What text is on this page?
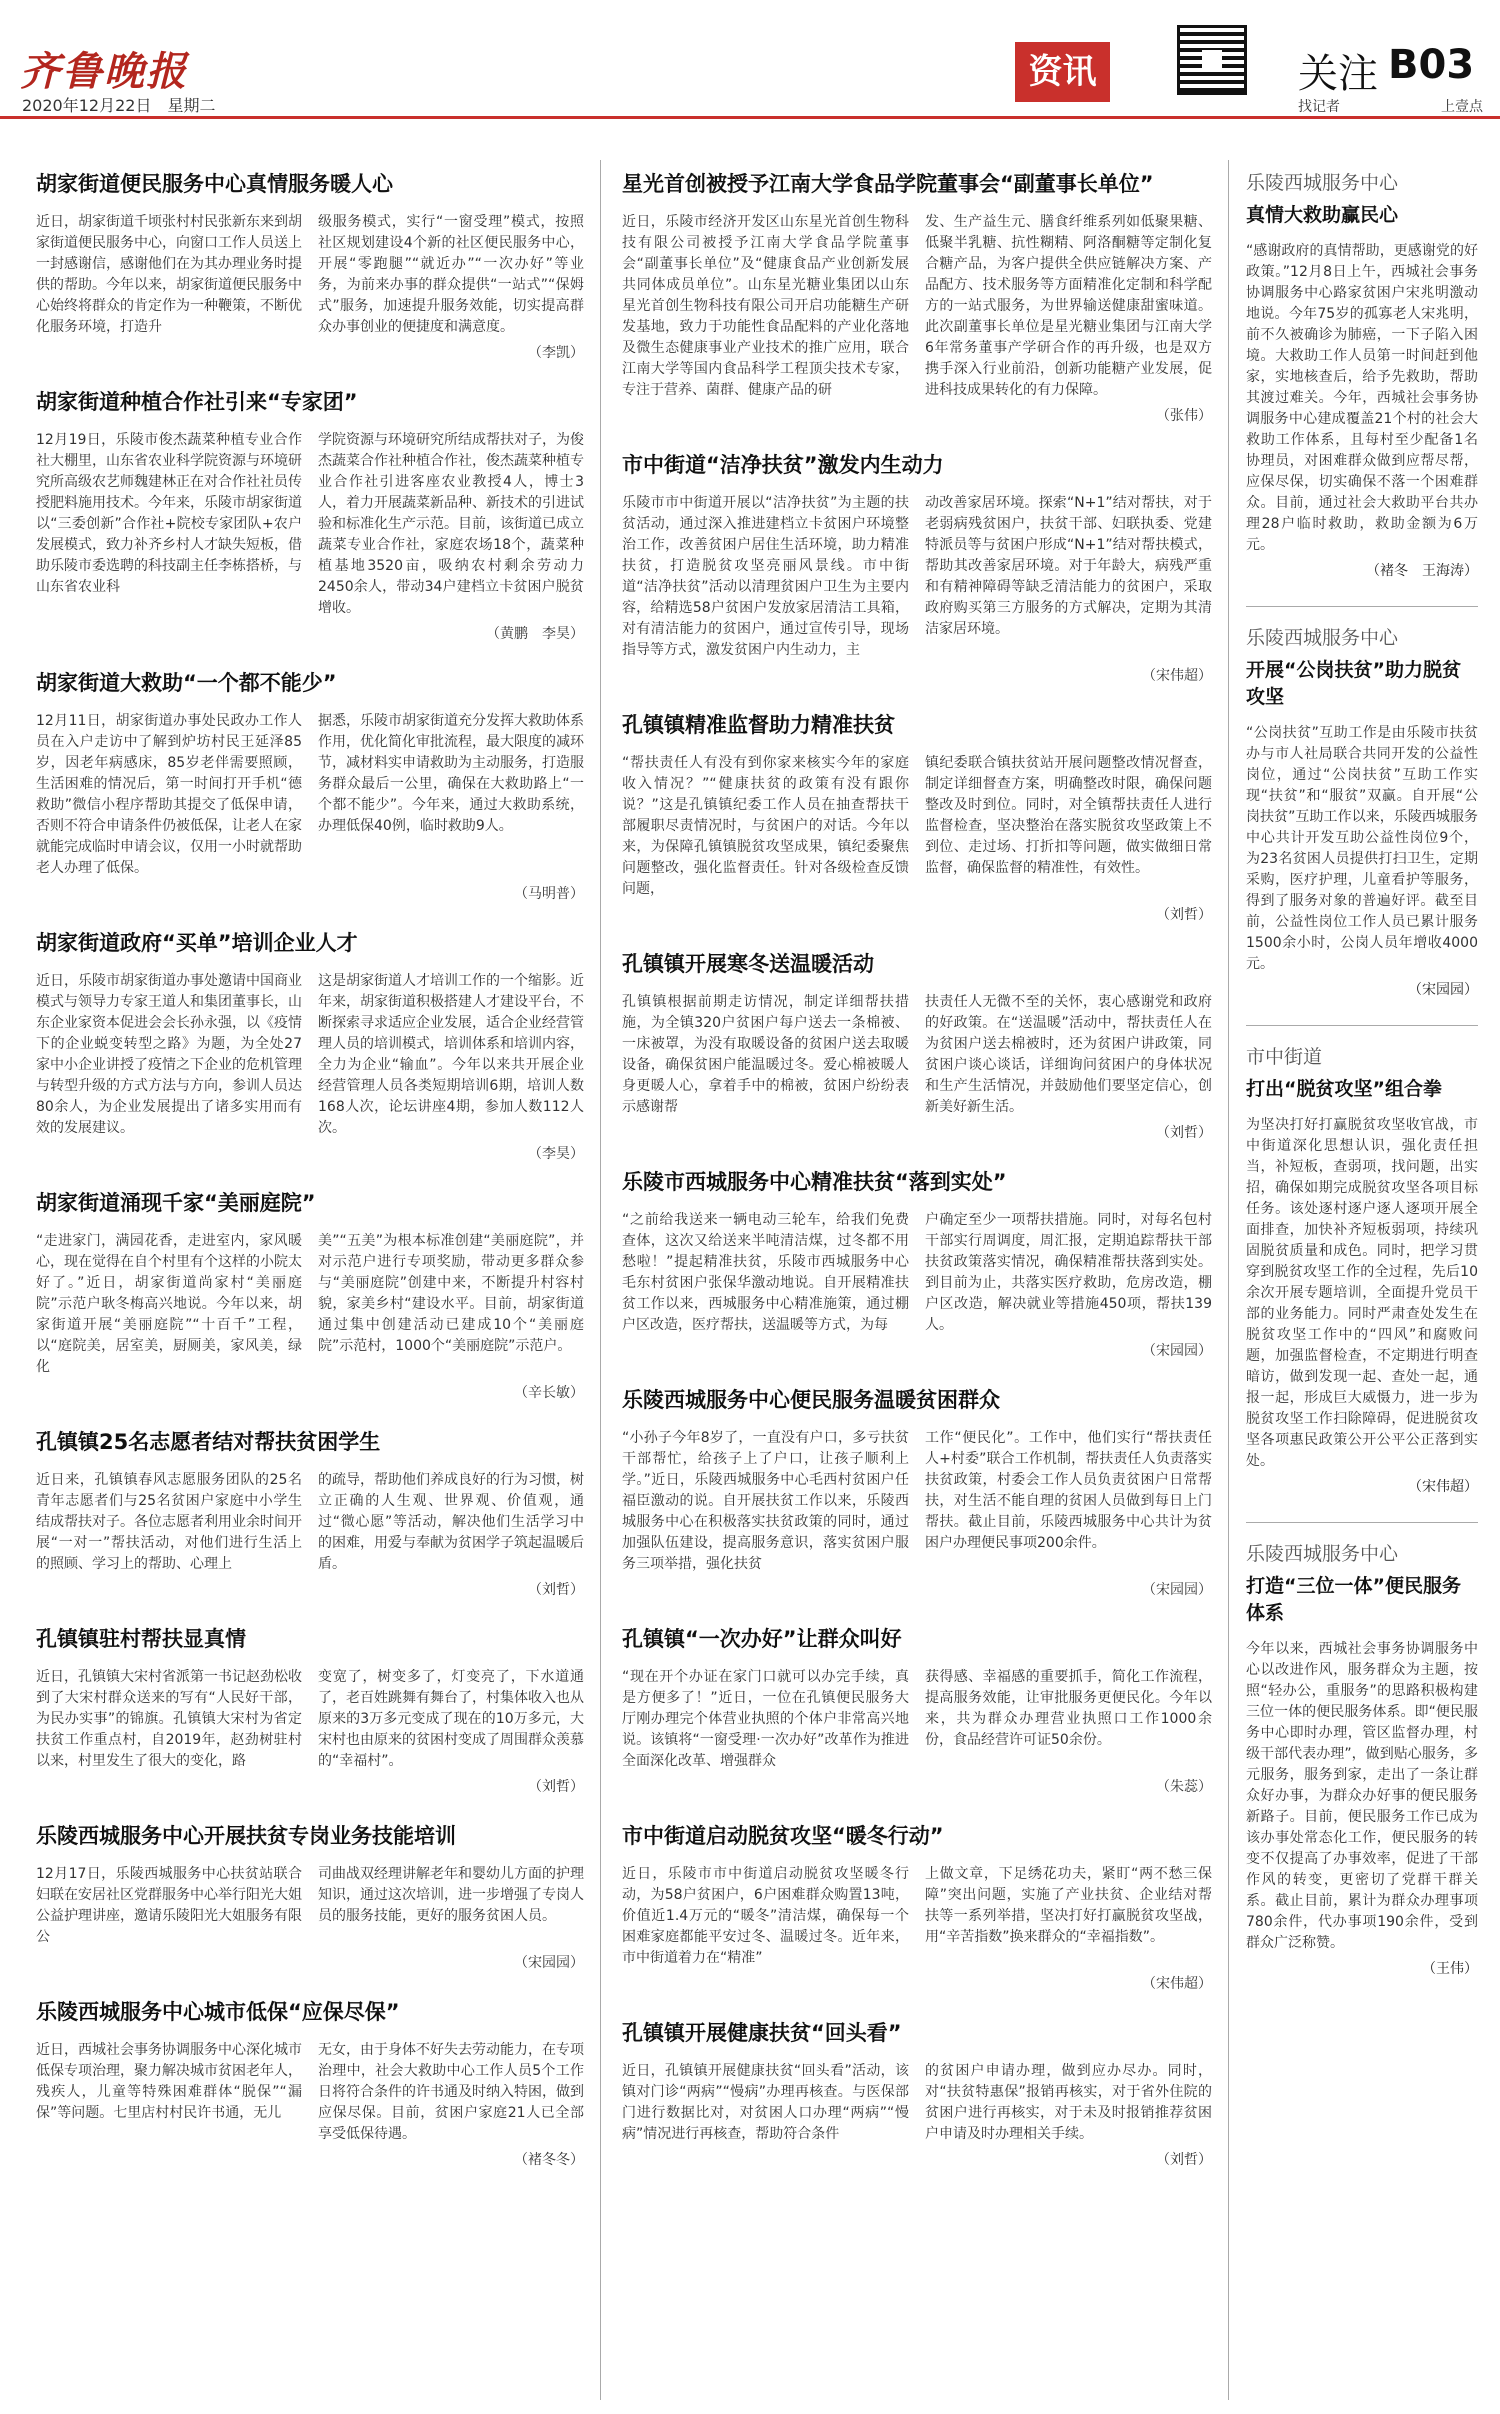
齐鲁晚报
2020年12月22日　星期二
资讯	关注 B03
找记者	上壹点
胡家街道便民服务中心真情服务暖人心

近日，胡家街道千顷张村村民张新东来到胡家街道便民服务中心，向窗口工作人员送上一封感谢信，感谢他们在为其办理业务时提供的帮助。今年以来，胡家街道便民服务中心始终将群众的肯定作为一种鞭策，不断优化服务环境，打造升

级服务模式，实行“一窗受理”模式，按照社区规划建设4个新的社区便民服务中心，开展“零跑腿”“就近办”“一次办好”等业务，为前来办事的群众提供“一站式”“保姆式”服务，加速提升服务效能，切实提高群众办事创业的便捷度和满意度。

（李凯）
胡家街道种植合作社引来“专家团”

12月19日，乐陵市俊杰蔬菜种植专业合作社大棚里，山东省农业科学院资源与环境研究所高级农艺师魏建林正在对合作社社员传授肥料施用技术。今年来，乐陵市胡家街道以“三委创新”合作社+院校专家团队+农户发展模式，致力补齐乡村人才缺失短板，借助乐陵市委选聘的科技副主任李栋搭桥，与山东省农业科

学院资源与环境研究所结成帮扶对子，为俊杰蔬菜合作社种植合作社，俊杰蔬菜种植专业合作社引进客座农业教授4人，博士3人，着力开展蔬菜新品种、新技术的引进试验和标准化生产示范。目前，该街道已成立蔬菜专业合作社，家庭农场18个，蔬菜种植基地3520亩，吸纳农村剩余劳动力2450余人，带动34户建档立卡贫困户脱贫增收。

（黄鹏　李昊）
胡家街道大救助“一个都不能少”

12月11日，胡家街道办事处民政办工作人员在入户走访中了解到炉坊村民王延泽85岁，因老年病感床，85岁老伴需要照顾，生活困难的情况后，第一时间打开手机“德救助”微信小程序帮助其提交了低保申请，否则不符合申请条件仍被低保，让老人在家就能完成临时申请会议，仅用一小时就帮助老人办理了低保。

据悉，乐陵市胡家街道充分发挥大救助体系作用，优化简化审批流程，最大限度的减环节，减材料实申请救助为主动服务，打造服务群众最后一公里，确保在大救助路上“一个都不能少”。今年来，通过大救助系统，办理低保40例，临时救助9人。

（马明普）
胡家街道政府“买单”培训企业人才

近日，乐陵市胡家街道办事处邀请中国商业模式与领导力专家王道人和集团董事长，山东企业家资本促进会会长孙永强，以《疫情下的企业蜕变转型之路》为题，为全处27家中小企业讲授了疫情之下企业的危机管理与转型升级的方式方法与方向，参训人员达80余人，为企业发展提出了诸多实用而有效的发展建议。

这是胡家街道人才培训工作的一个缩影。近年来，胡家街道积极搭建人才建设平台，不断探索寻求适应企业发展，适合企业经营管理人员的培训模式，培训体系和培训内容，全力为企业“输血”。今年以来共开展企业经营管理人员各类短期培训6期，培训人数168人次，论坛讲座4期，参加人数112人次。

（李昊）
胡家街道涌现千家“美丽庭院”

“走进家门，满园花香，走进室内，家风暖心，现在觉得在自个村里有个这样的小院太好了。”近日，胡家街道尚家村“美丽庭院”示范户耿冬梅高兴地说。今年以来，胡家街道开展“美丽庭院”“十百千”工程，以“庭院美，居室美，厨厕美，家风美，绿化

美”“五美”为根本标准创建“美丽庭院”，并对示范户进行专项奖励，带动更多群众参与“美丽庭院”创建中来，不断提升村容村貌，家美乡村“建设水平。目前，胡家街道通过集中创建活动已建成10个“美丽庭院”示范村，1000个“美丽庭院”示范户。

（辛长敏）
孔镇镇25名志愿者结对帮扶贫困学生

近日来，孔镇镇春风志愿服务团队的25名青年志愿者们与25名贫困户家庭中小学生结成帮扶对子。各位志愿者利用业余时间开展“一对一”帮扶活动，对他们进行生活上的照顾、学习上的帮助、心理上

的疏导，帮助他们养成良好的行为习惯，树立正确的人生观、世界观、价值观，通过“微心愿”等活动，解决他们生活学习中的困难，用爱与奉献为贫困学子筑起温暖后盾。

（刘哲）
孔镇镇驻村帮扶显真情

近日，孔镇镇大宋村省派第一书记赵劲松收到了大宋村群众送来的写有“人民好干部，为民办实事”的锦旗。孔镇镇大宋村为省定扶贫工作重点村，自2019年，赵劲树驻村以来，村里发生了很大的变化，路

变宽了，树变多了，灯变亮了，下水道通了，老百姓跳舞有舞台了，村集体收入也从原来的3万多元变成了现在的10万多元，大宋村也由原来的贫困村变成了周围群众羡慕的“幸福村”。

（刘哲）
乐陵西城服务中心开展扶贫专岗业务技能培训

12月17日，乐陵西城服务中心扶贫站联合妇联在安居社区党群服务中心举行阳光大姐公益护理讲座，邀请乐陵阳光大姐服务有限公

司曲战双经理讲解老年和婴幼儿方面的护理知识，通过这次培训，进一步增强了专岗人员的服务技能，更好的服务贫困人员。

（宋园园）
乐陵西城服务中心城市低保“应保尽保”

近日，西城社会事务协调服务中心深化城市低保专项治理，聚力解决城市贫困老年人，残疾人，儿童等特殊困难群体“脱保”“漏保”等问题。七里店村村民许书通，无儿

无女，由于身体不好失去劳动能力，在专项治理中，社会大救助中心工作人员5个工作日将符合条件的许书通及时纳入特困，做到应保尽保。目前，贫困户家庭21人已全部享受低保待遇。

（褚冬冬）
星光首创被授予江南大学食品学院董事会“副董事长单位”

近日，乐陵市经济开发区山东星光首创生物科技有限公司被授予江南大学食品学院董事会“副董事长单位”及“健康食品产业创新发展共同体成员单位”。山东星光糖业集团以山东星光首创生物科技有限公司开启功能糖生产研发基地，致力于功能性食品配料的产业化落地及微生态健康事业产业技术的推广应用，联合江南大学等国内食品科学工程顶尖技术专家，专注于营养、菌群、健康产品的研

发、生产益生元、膳食纤维系列如低聚果糖、低聚半乳糖、抗性糊精、阿洛酮糖等定制化复合糖产品，为客户提供全供应链解决方案、产品配方、技术服务等方面精准化定制和科学配方的一站式服务，为世界输送健康甜蜜味道。此次副董事长单位是星光糖业集团与江南大学6年常务董事产学研合作的再升级，也是双方携手深入行业前沿，创新功能糖产业发展，促进科技成果转化的有力保障。

（张伟）
市中街道“洁净扶贫”激发内生动力

乐陵市市中街道开展以“洁净扶贫”为主题的扶贫活动，通过深入推进建档立卡贫困户环境整治工作，改善贫困户居住生活环境，助力精准扶贫，打造脱贫攻坚亮丽风景线。市中街道“洁净扶贫”活动以清理贫困户卫生为主要内容，给精选58户贫困户发放家居清洁工具箱，对有清洁能力的贫困户，通过宣传引导，现场指导等方式，激发贫困户内生动力，主

动改善家居环境。探索“N+1”结对帮扶，对于老弱病残贫困户，扶贫干部、妇联执委、党建特派员等与贫困户形成“N+1”结对帮扶模式，帮助其改善家居环境。对于年龄大，病残严重和有精神障碍等缺乏清洁能力的贫困户，采取政府购买第三方服务的方式解决，定期为其清洁家居环境。

（宋伟超）
孔镇镇精准监督助力精准扶贫

“帮扶责任人有没有到你家来核实今年的家庭收入情况？”“健康扶贫的政策有没有跟你说？”这是孔镇镇纪委工作人员在抽查帮扶干部履职尽责情况时，与贫困户的对话。今年以来，为保障孔镇镇脱贫攻坚成果，镇纪委聚焦问题整改，强化监督责任。针对各级检查反馈问题，

镇纪委联合镇扶贫站开展问题整改情况督查，制定详细督查方案，明确整改时限，确保问题整改及时到位。同时，对全镇帮扶责任人进行监督检查，坚决整治在落实脱贫攻坚政策上不到位、走过场、打折扣等问题，做实做细日常监督，确保监督的精准性，有效性。

（刘哲）
孔镇镇开展寒冬送温暖活动

孔镇镇根据前期走访情况，制定详细帮扶措施，为全镇320户贫困户每户送去一条棉被、一床被罩，为没有取暖设备的贫困户送去取暖设备，确保贫困户能温暖过冬。爱心棉被暖人身更暖人心，拿着手中的棉被，贫困户纷纷表示感谢帮

扶责任人无微不至的关怀，衷心感谢党和政府的好政策。在“送温暖”活动中，帮扶责任人在为贫困户送去棉被时，还为贫困户讲政策，同贫困户谈心谈话，详细询问贫困户的身体状况和生产生活情况，并鼓励他们要坚定信心，创新美好新生活。

（刘哲）
乐陵市西城服务中心精准扶贫“落到实处”

“之前给我送来一辆电动三轮车，给我们免费查体，这次又给送来半吨清洁煤，过冬都不用愁啦！”提起精准扶贫，乐陵市西城服务中心毛东村贫困户张保华激动地说。自开展精准扶贫工作以来，西城服务中心精准施策，通过棚户区改造，医疗帮扶，送温暖等方式，为每

户确定至少一项帮扶措施。同时，对每名包村干部实行周调度，周汇报，定期追踪帮扶干部扶贫政策落实情况，确保精准帮扶落到实处。到目前为止，共落实医疗救助，危房改造，棚户区改造，解决就业等措施450项，帮扶139人。

（宋园园）
乐陵西城服务中心便民服务温暖贫困群众

“小孙子今年8岁了，一直没有户口，多亏扶贫干部帮忙，给孩子上了户口，让孩子顺利上学。”近日，乐陵西城服务中心毛西村贫困户任福臣激动的说。自开展扶贫工作以来，乐陵西城服务中心在积极落实扶贫政策的同时，通过加强队伍建设，提高服务意识，落实贫困户服务三项举措，强化扶贫

工作“便民化”。工作中，他们实行“帮扶责任人+村委”联合工作机制，帮扶责任人负责落实扶贫政策，村委会工作人员负责贫困户日常帮扶，对生活不能自理的贫困人员做到每日上门帮扶。截止目前，乐陵西城服务中心共计为贫困户办理便民事项200余件。

（宋园园）
孔镇镇“一次办好”让群众叫好

“现在开个办证在家门口就可以办完手续，真是方便多了！”近日，一位在孔镇便民服务大厅刚办理完个体营业执照的个体户非常高兴地说。该镇将“一窗受理·一次办好”改革作为推进全面深化改革、增强群众

获得感、幸福感的重要抓手，简化工作流程，提高服务效能，让审批服务更便民化。今年以来，共为群众办理营业执照口工作1000余份，食品经营许可证50余份。

（朱蕊）
市中街道启动脱贫攻坚“暖冬行动”

近日，乐陵市市中街道启动脱贫攻坚暖冬行动，为58户贫困户，6户困难群众购置13吨，价值近1.4万元的“暖冬”清洁煤，确保每一个困难家庭都能平安过冬、温暖过冬。近年来，市中街道着力在“精准”

上做文章，下足绣花功夫，紧盯“两不愁三保障”突出问题，实施了产业扶贫、企业结对帮扶等一系列举措，坚决打好打赢脱贫攻坚战，用“辛苦指数”换来群众的“幸福指数”。

（宋伟超）
孔镇镇开展健康扶贫“回头看”

近日，孔镇镇开展健康扶贫“回头看”活动，该镇对门诊“两病”“慢病”办理再核查。与医保部门进行数据比对，对贫困人口办理“两病”“慢病”情况进行再核查，帮助符合条件

的贫困户申请办理，做到应办尽办。同时，对“扶贫特惠保”报销再核实，对于省外住院的贫困户进行再核实，对于未及时报销推荐贫困户申请及时办理相关手续。

（刘哲）
乐陵西城服务中心
真情大救助赢民心

“感谢政府的真情帮助，更感谢党的好政策。”12月8日上午，西城社会事务协调服务中心路家贫困户宋兆明激动地说。今年75岁的孤寡老人宋兆明，前不久被确诊为肺癌，一下子陷入困境。大救助工作人员第一时间赶到他家，实地核查后，给予先救助，帮助其渡过难关。今年，西城社会事务协调服务中心建成覆盖21个村的社会大救助工作体系，且每村至少配备1名协理员，对困难群众做到应帮尽帮，应保尽保，切实确保不落一个困难群众。目前，通过社会大救助平台共办理28户临时救助，救助金额为6万元。

（褚冬　王海涛）
乐陵西城服务中心
开展“公岗扶贫”助力脱贫攻坚

“公岗扶贫”互助工作是由乐陵市扶贫办与市人社局联合共同开发的公益性岗位，通过“公岗扶贫”互助工作实现“扶贫”和“服贫”双赢。自开展“公岗扶贫”互助工作以来，乐陵西城服务中心共计开发互助公益性岗位9个，为23名贫困人员提供打扫卫生，定期采购，医疗护理，儿童看护等服务，得到了服务对象的普遍好评。截至目前，公益性岗位工作人员已累计服务1500余小时，公岗人员年增收4000元。

（宋园园）
市中街道
打出“脱贫攻坚”组合拳

为坚决打好打赢脱贫攻坚收官战，市中街道深化思想认识，强化责任担当，补短板，查弱项，找问题，出实招，确保如期完成脱贫攻坚各项目标任务。该处逐村逐户逐人逐项开展全面排查，加快补齐短板弱项，持续巩固脱贫质量和成色。同时，把学习贯穿到脱贫攻坚工作的全过程，先后10余次开展专题培训，全面提升党员干部的业务能力。同时严肃查处发生在脱贫攻坚工作中的“四风”和腐败问题，加强监督检查，不定期进行明查暗访，做到发现一起、查处一起，通报一起，形成巨大威慑力，进一步为脱贫攻坚工作扫除障碍，促进脱贫攻坚各项惠民政策公开公平公正落到实处。

（宋伟超）
乐陵西城服务中心
打造“三位一体”便民服务体系

今年以来，西城社会事务协调服务中心以改进作风，服务群众为主题，按照“轻办公，重服务”的思路积极构建三位一体的便民服务体系。即“便民服务中心即时办理，管区监督办理，村级干部代表办理”，做到贴心服务，多元服务，服务到家，走出了一条让群众好办事，为群众办好事的便民服务新路子。目前，便民服务工作已成为该办事处常态化工作，便民服务的转变不仅提高了办事效率，促进了干部作风的转变，更密切了党群干群关系。截止目前，累计为群众办理事项780余件，代办事项190余件，受到群众广泛称赞。

（王伟）
